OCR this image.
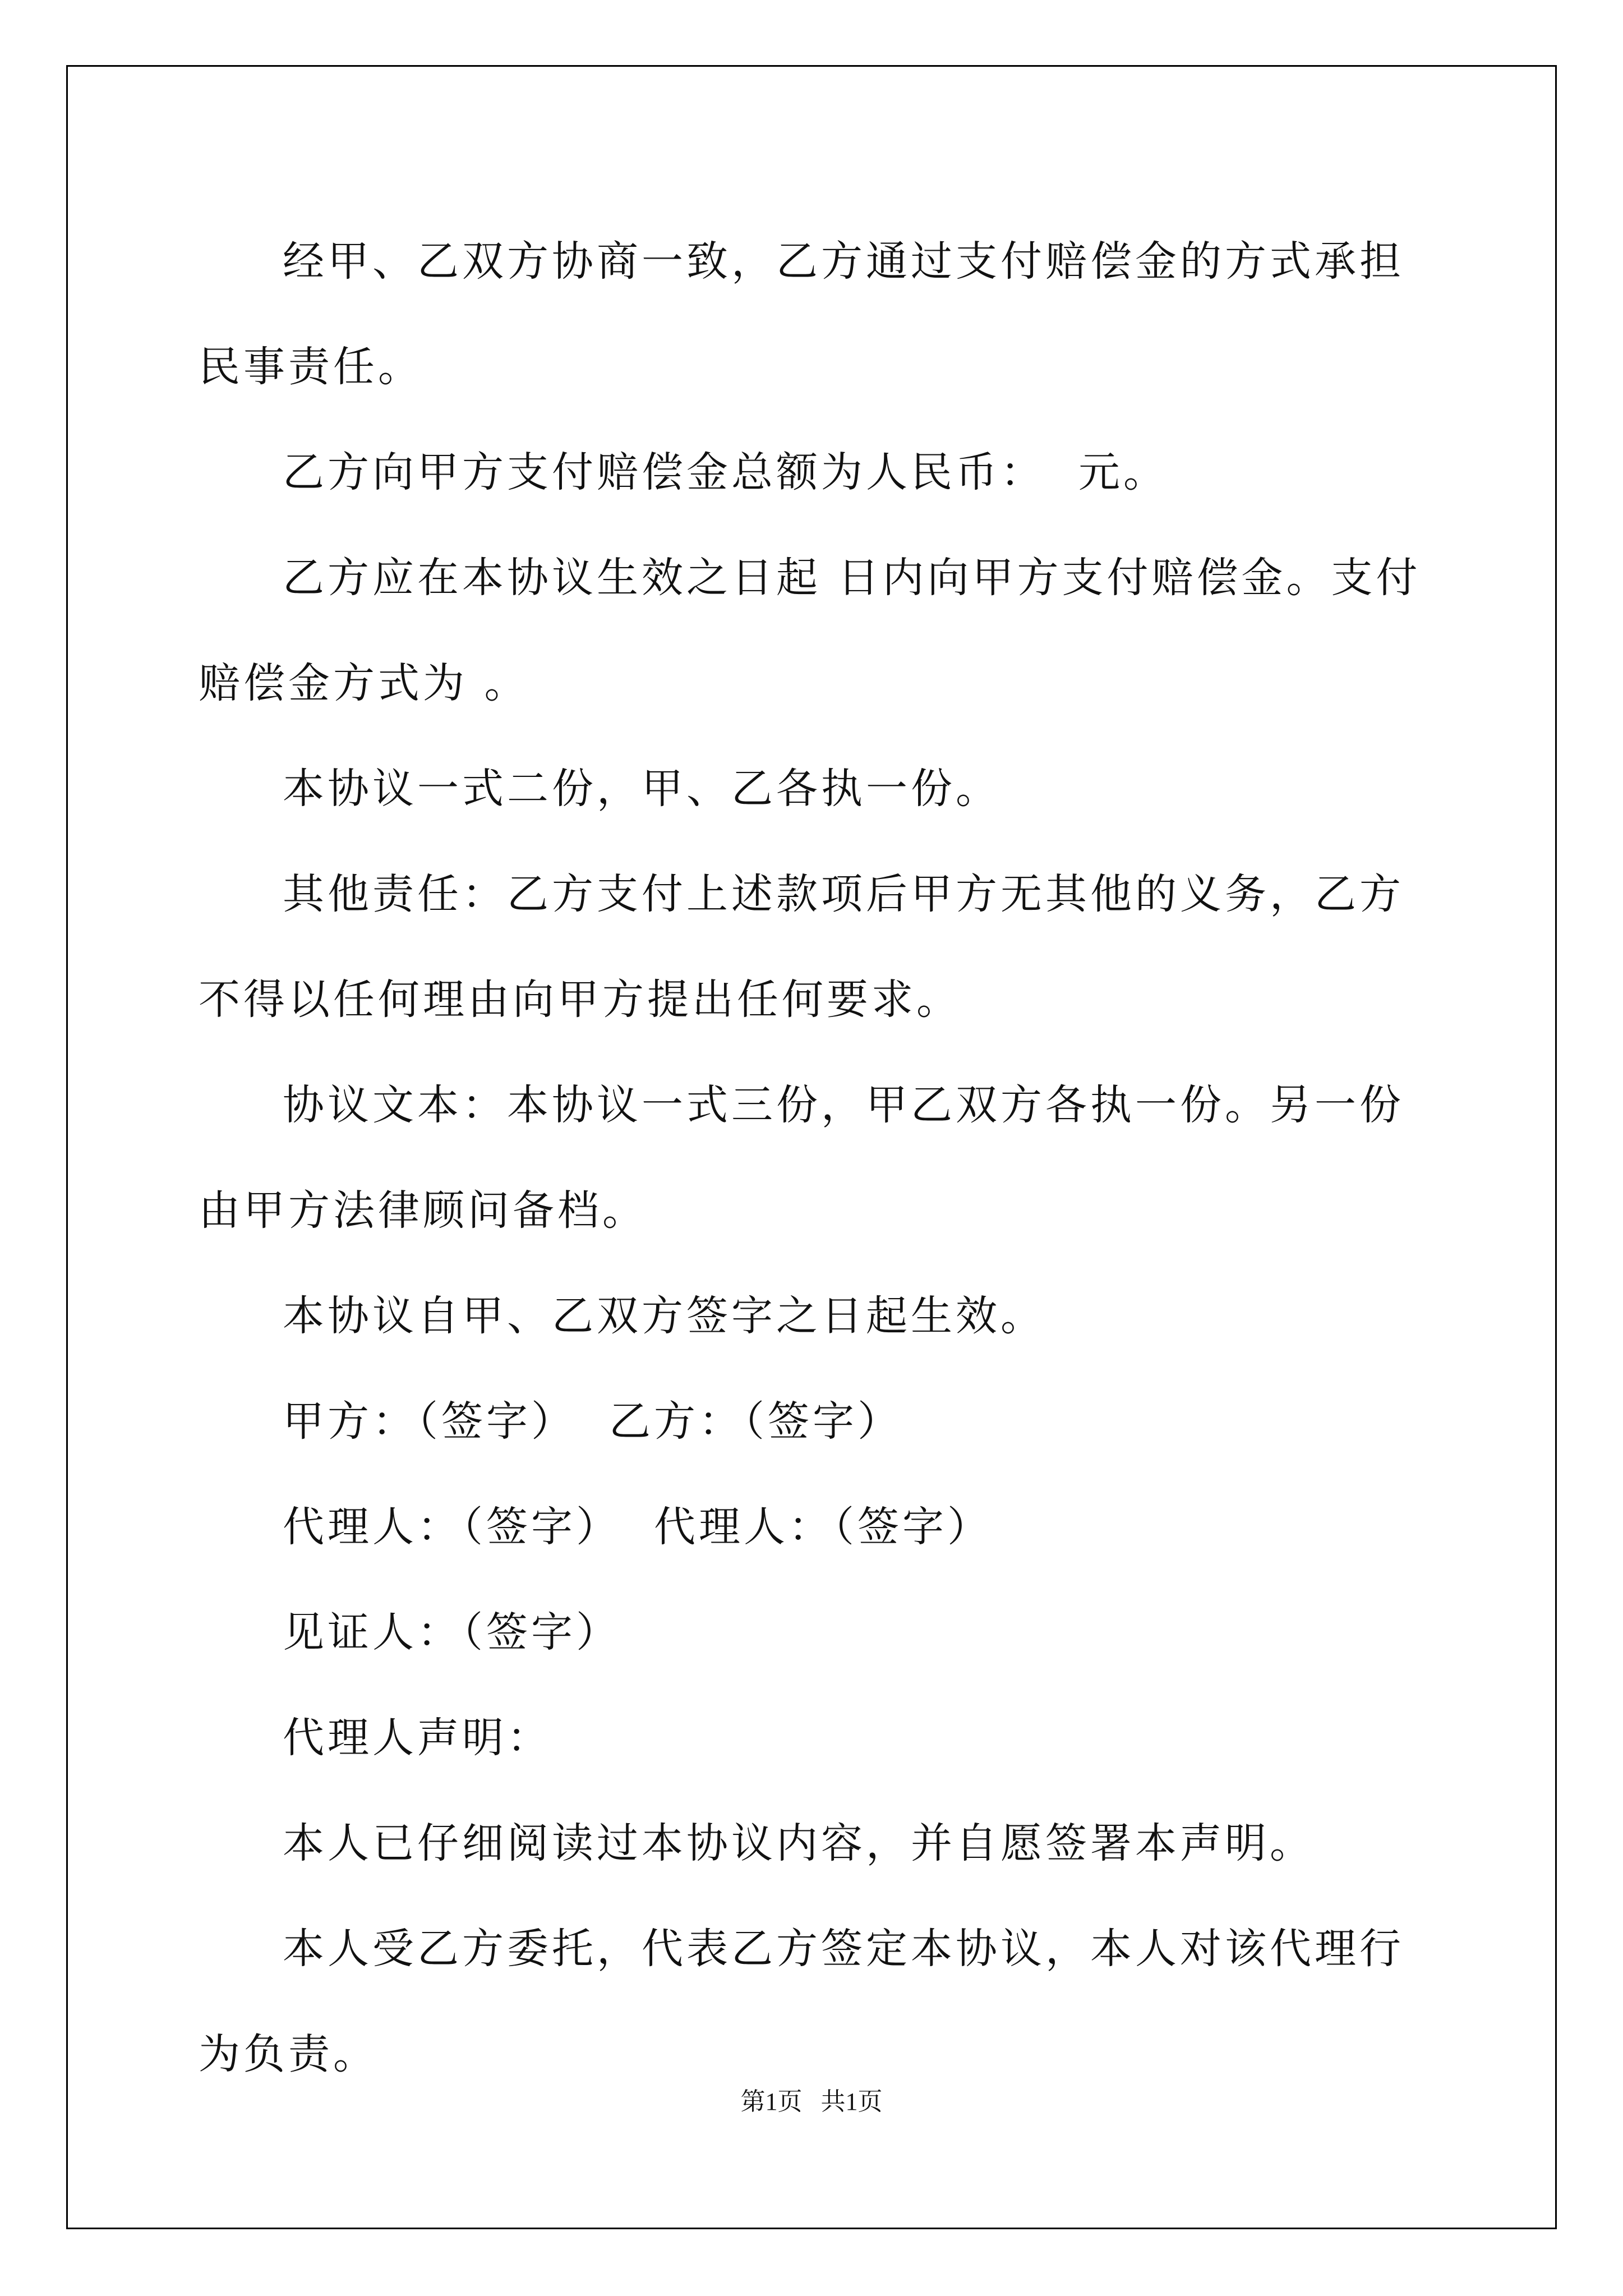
经甲、乙双方协商一致，乙方通过支付赔偿金的方式承担民事责任。

乙方向甲方支付赔偿金总额为人民币：  元。

乙方应在本协议生效之日起 日内向甲方支付赔偿金。支付赔偿金方式为 。

本协议一式二份，甲、乙各执一份。

其他责任：乙方支付上述款项后甲方无其他的义务，乙方不得以任何理由向甲方提出任何要求。

协议文本：本协议一式三份，甲乙双方各执一份。另一份由甲方法律顾问备档。

本协议自甲、乙双方签字之日起生效。

甲方：（签字）  乙方：（签字）

代理人：（签字）  代理人：（签字）

见证人：（签字）

代理人声明：

本人已仔细阅读过本协议内容，并自愿签署本声明。

本人受乙方委托，代表乙方签定本协议，本人对该代理行为负责。

第1页   共1页
